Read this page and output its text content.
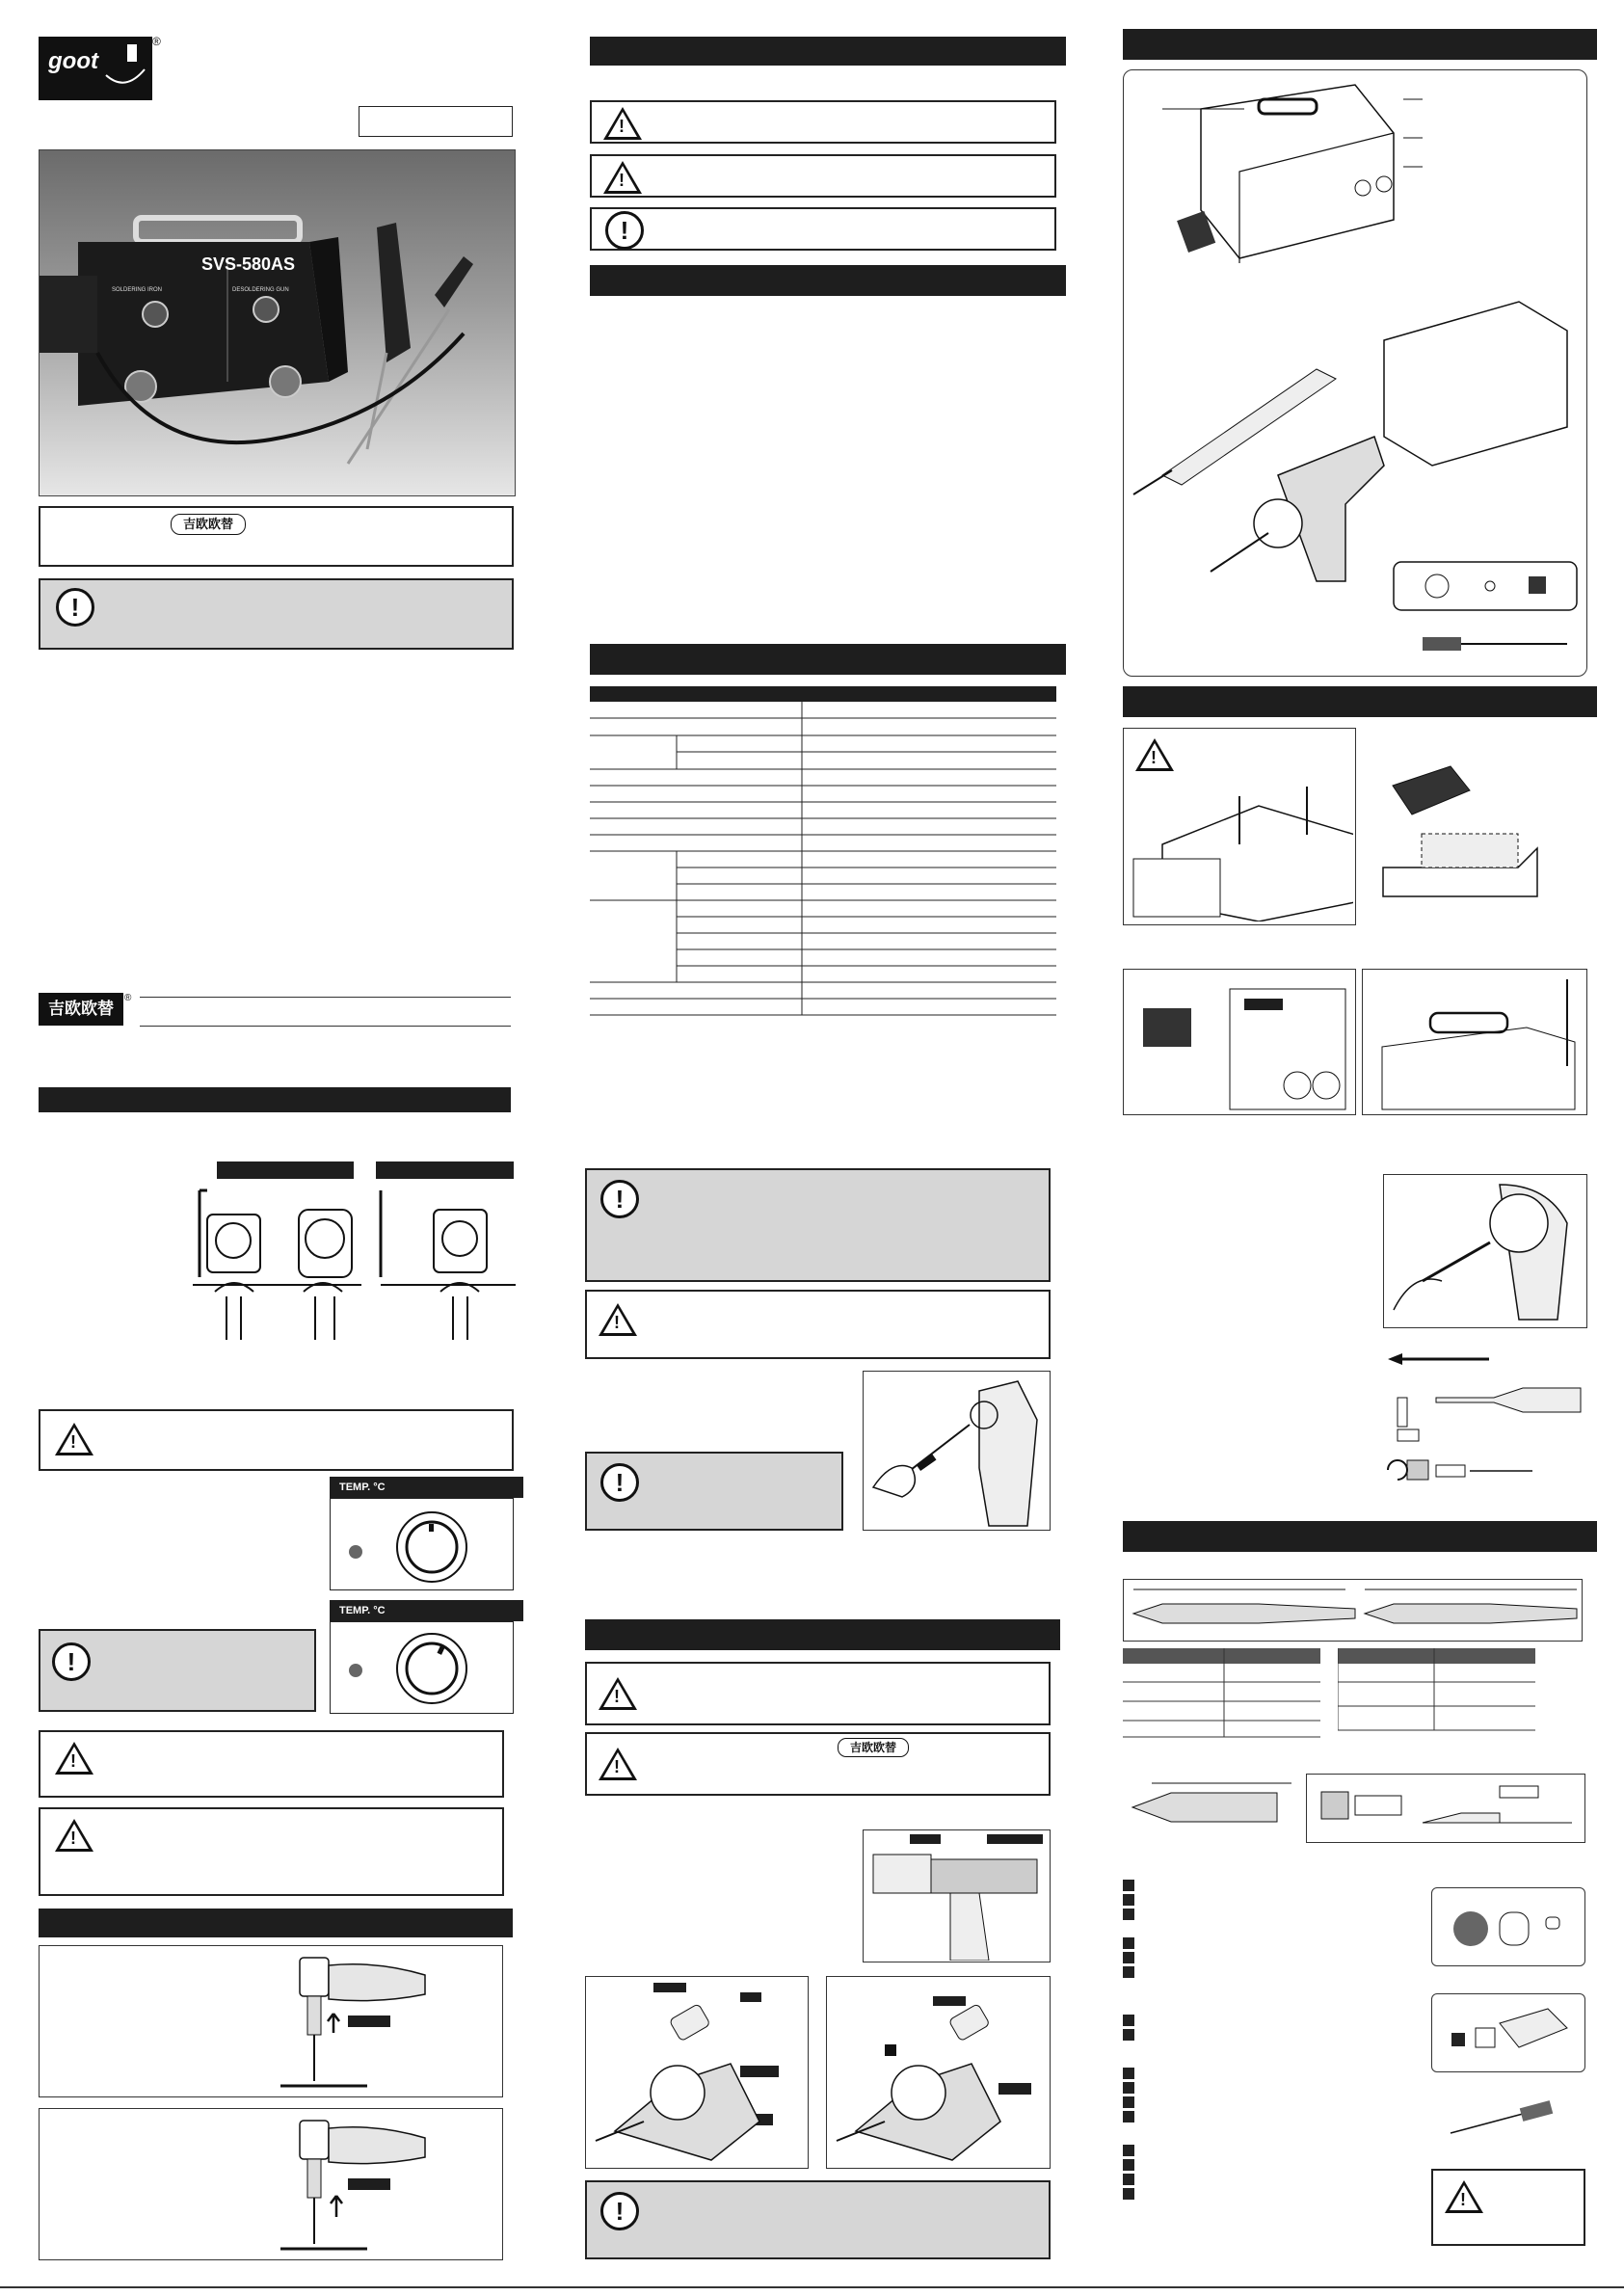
goot
®
SVS-580AS
SOLDERING IRON	DESOLDERING GUN
吉欧欧替
!
吉欧欧替
®
!
TEMP. °C
TEMP. °C
!
!
!
!
!
!
!
!
!
!
!
吉欧欧替
!
!
!
